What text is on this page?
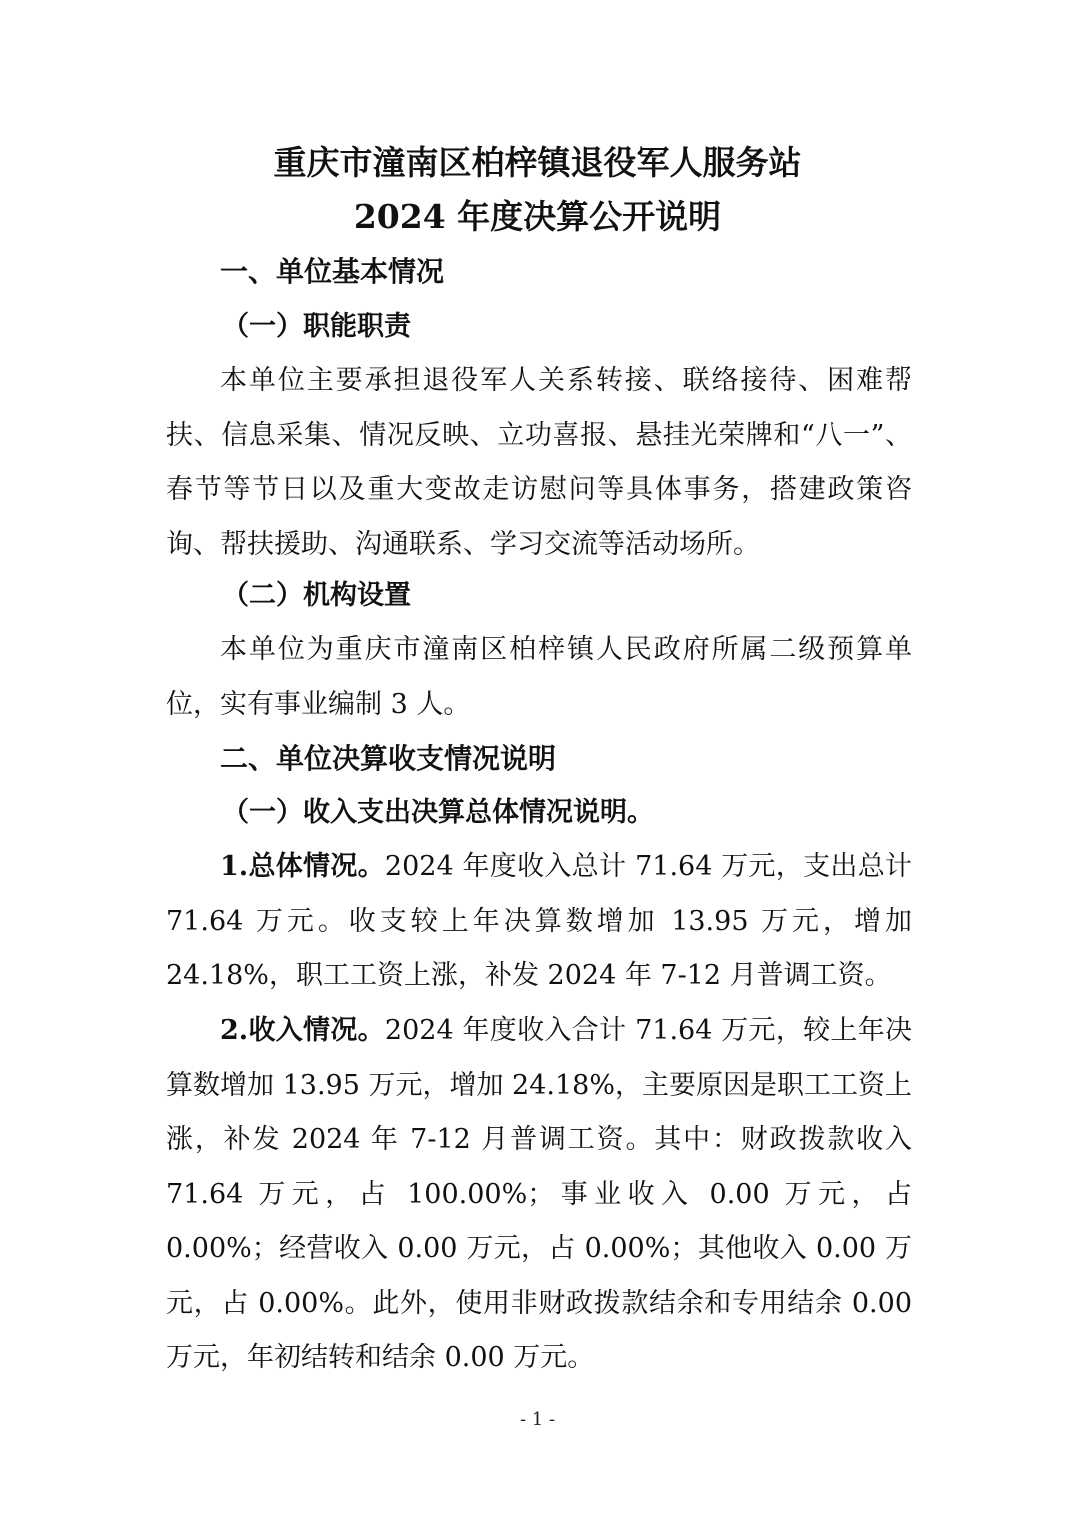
重庆市潼南区柏梓镇退役军人服务站
2024 年度决算公开说明
一、单位基本情况
（一）职能职责
本单位主要承担退役军人关系转接、联络接待、困难帮扶、信息采集、情况反映、立功喜报、悬挂光荣牌和“八一”、春节等节日以及重大变故走访慰问等具体事务，搭建政策咨询、帮扶援助、沟通联系、学习交流等活动场所。
（二）机构设置
本单位为重庆市潼南区柏梓镇人民政府所属二级预算单位，实有事业编制 3 人。
二、单位决算收支情况说明
（一）收入支出决算总体情况说明。
1.总体情况。2024 年度收入总计 71.64 万元，支出总计 71.64 万元。收支较上年决算数增加 13.95 万元，增加 24.18%，职工工资上涨，补发 2024 年 7-12 月普调工资。
2.收入情况。2024 年度收入合计 71.64 万元，较上年决算数增加 13.95 万元，增加 24.18%，主要原因是职工工资上涨，补发 2024 年 7-12 月普调工资。其中：财政拨款收入 71.64 万元，占 100.00%；事业收入 0.00 万元，占 0.00%；经营收入 0.00 万元，占 0.00%；其他收入 0.00 万元，占 0.00%。此外，使用非财政拨款结余和专用结余 0.00 万元，年初结转和结余 0.00 万元。
- 1 -
